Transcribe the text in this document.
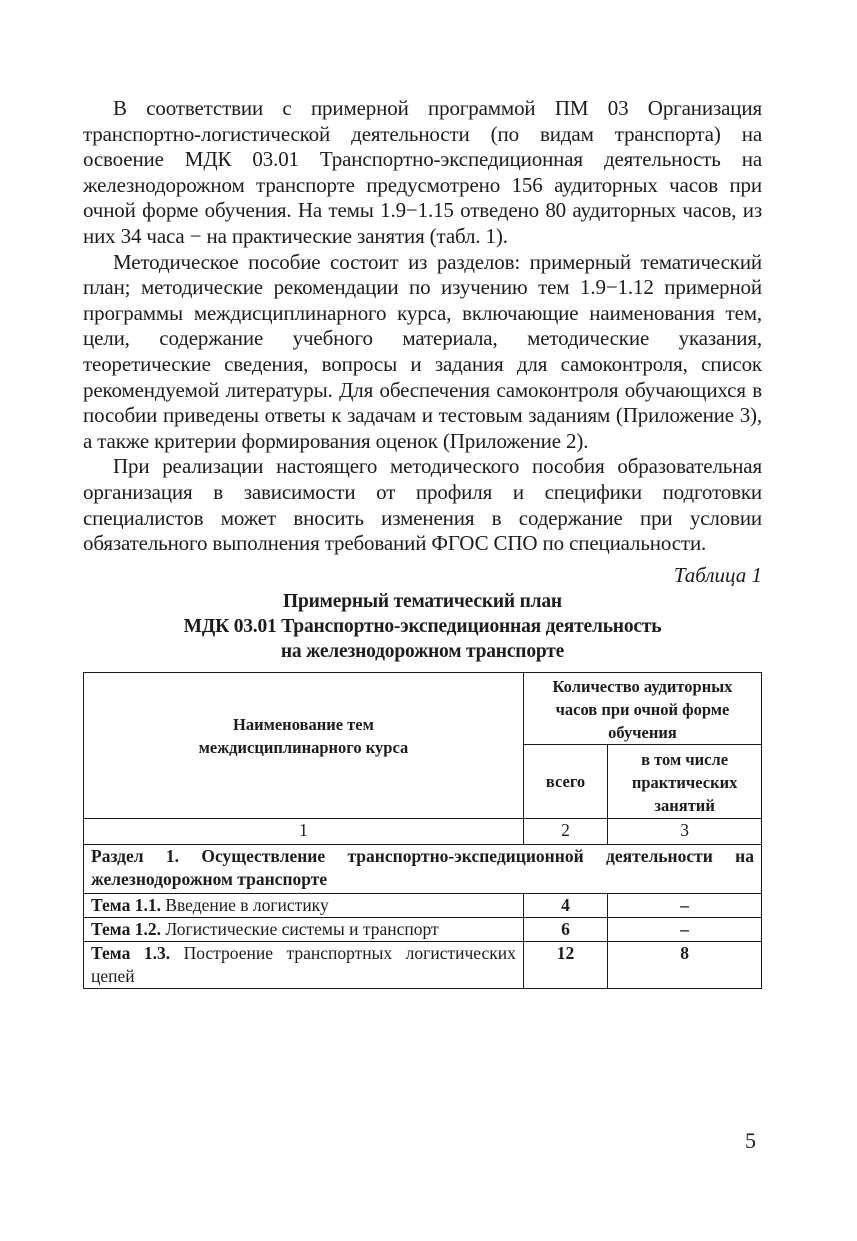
В соответствии с примерной программой ПМ 03 Организация транспортно-логистической деятельности (по видам транспорта) на освоение МДК 03.01 Транспортно-экспедиционная деятельность на железнодорожном транспорте предусмотрено 156 аудиторных часов при очной форме обучения. На темы 1.9−1.15 отведено 80 аудиторных часов, из них 34 часа − на практические занятия (табл. 1).

Методическое пособие состоит из разделов: примерный тематический план; методические рекомендации по изучению тем 1.9−1.12 примерной программы междисциплинарного курса, включающие наименования тем, цели, содержание учебного материала, методические указания, теоретические сведения, вопросы и задания для самоконтроля, список рекомендуемой литературы. Для обеспечения самоконтроля обучающихся в пособии приведены ответы к задачам и тестовым заданиям (Приложение 3), а также критерии формирования оценок (Приложение 2).

При реализации настоящего методического пособия образовательная организация в зависимости от профиля и специфики подготовки специалистов может вносить изменения в содержание при условии обязательного выполнения требований ФГОС СПО по специальности.

Таблица 1
Примерный тематический план
МДК 03.01 Транспортно-экспедиционная деятельность
на железнодорожном транспорте
Наименование тем междисциплинарного курса	Количество аудиторных часов при очной форме обучения	
	всего	в том числе практических занятий
1	2	3
Раздел 1. Осуществление транспортно-экспедиционной деятельности на железнодорожном транспорте		
Тема 1.1. Введение в логистику	4	–
Тема 1.2. Логистические системы и транспорт	6	–
Тема 1.3. Построение транспортных логистических цепей	12	8
5
